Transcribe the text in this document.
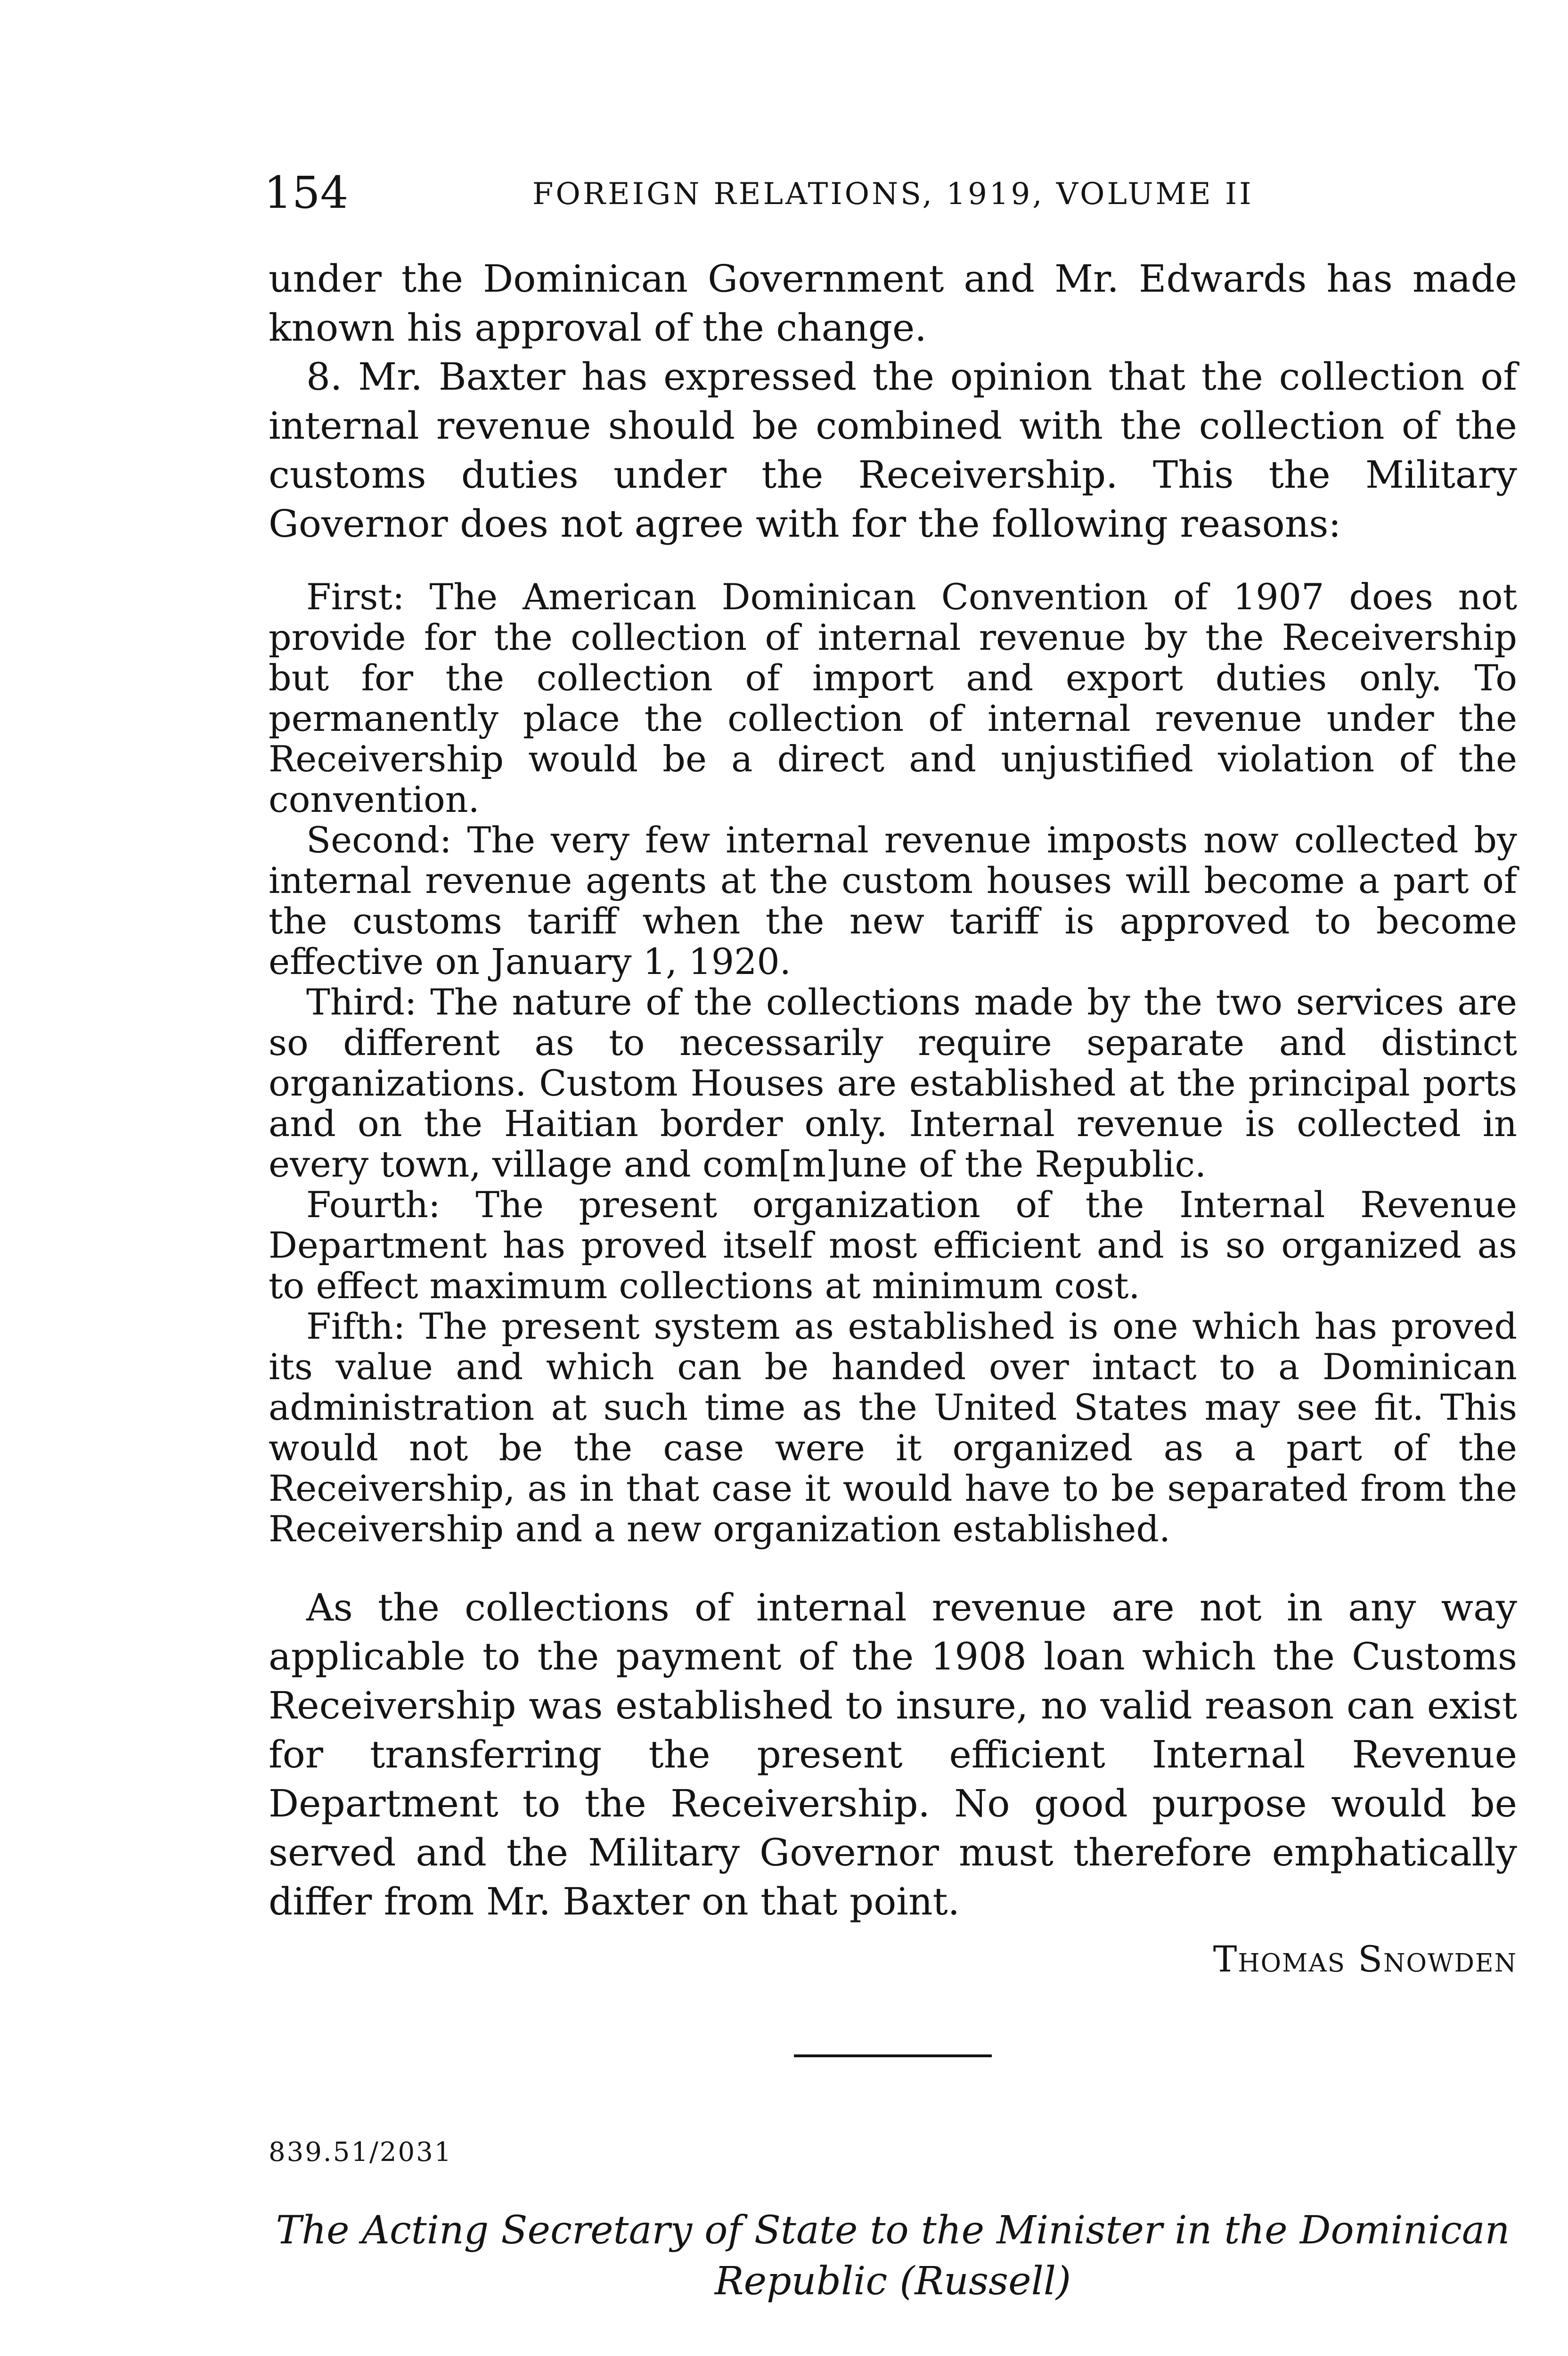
154	FOREIGN RELATIONS, 1919, VOLUME II

under the Dominican Government and Mr. Edwards has made known his approval of the change.

8. Mr. Baxter has expressed the opinion that the collection of internal revenue should be combined with the collection of the customs duties under the Receivership. This the Military Governor does not agree with for the following reasons:

First: The American Dominican Convention of 1907 does not provide for the collection of internal revenue by the Receivership but for the collection of import and export duties only. To permanently place the collection of internal revenue under the Receivership would be a direct and unjustified violation of the convention.

Second: The very few internal revenue imposts now collected by internal revenue agents at the custom houses will become a part of the customs tariff when the new tariff is approved to become effective on January 1, 1920.

Third: The nature of the collections made by the two services are so different as to necessarily require separate and distinct organizations. Custom Houses are established at the principal ports and on the Haitian border only. Internal revenue is collected in every town, village and com[m]une of the Republic.

Fourth: The present organization of the Internal Revenue Department has proved itself most efficient and is so organized as to effect maximum collections at minimum cost.

Fifth: The present system as established is one which has proved its value and which can be handed over intact to a Dominican administration at such time as the United States may see fit. This would not be the case were it organized as a part of the Receivership, as in that case it would have to be separated from the Receivership and a new organization established.

As the collections of internal revenue are not in any way applicable to the payment of the 1908 loan which the Customs Receivership was established to insure, no valid reason can exist for transferring the present efficient Internal Revenue Department to the Receivership. No good purpose would be served and the Military Governor must therefore emphatically differ from Mr. Baxter on that point.

Thomas Snowden
839.51/2031
The Acting Secretary of State to the Minister in the Dominican
Republic (Russell)
